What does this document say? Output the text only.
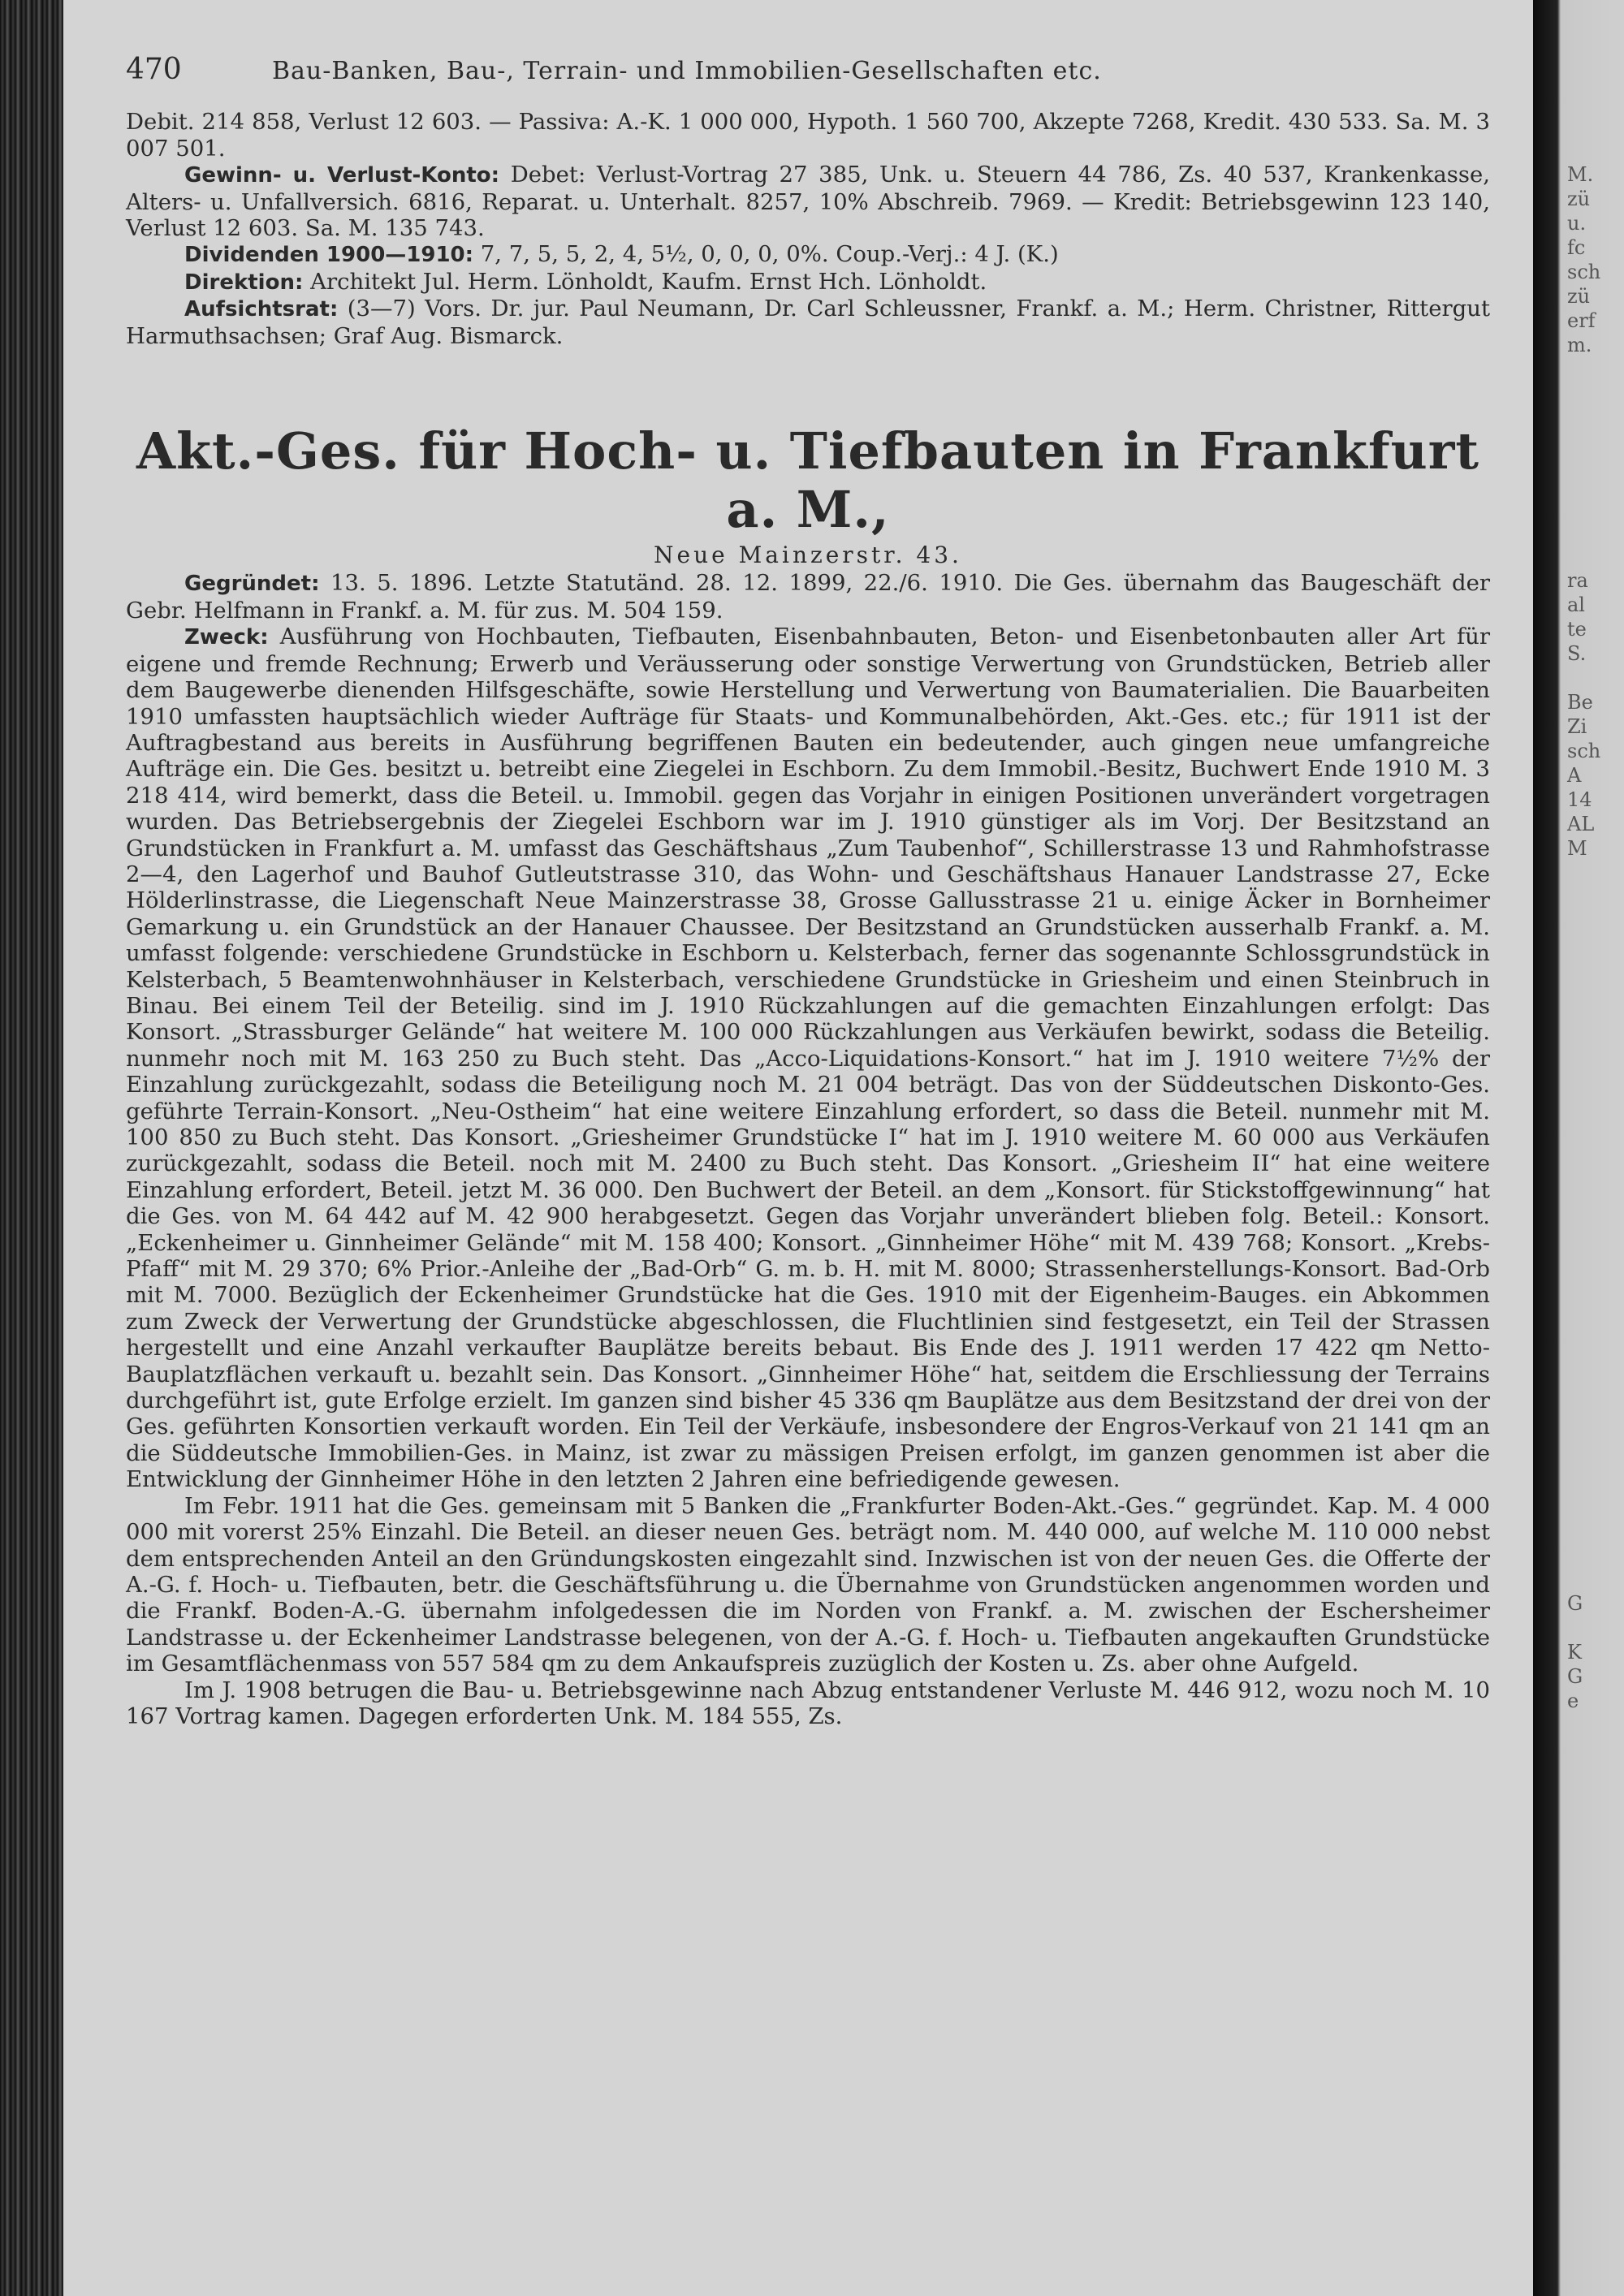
M.
zü
u.
fc
sch
zü
erf
m.
ra
al
te
S.

Be
Zi
sch
A
14
AL
M
G

K
G
e
470	Bau-Banken, Bau-, Terrain- und Immobilien-Gesellschaften etc.

Debit. 214 858, Verlust 12 603. — Passiva: A.-K. 1 000 000, Hypoth. 1 560 700, Akzepte 7268, Kredit. 430 533. Sa. M. 3 007 501.

Gewinn- u. Verlust-Konto: Debet: Verlust-Vortrag 27 385, Unk. u. Steuern 44 786, Zs. 40 537, Krankenkasse, Alters- u. Unfallversich. 6816, Reparat. u. Unterhalt. 8257, 10% Abschreib. 7969. — Kredit: Betriebsgewinn 123 140, Verlust 12 603. Sa. M. 135 743.

Dividenden 1900—1910: 7, 7, 5, 5, 2, 4, 5½, 0, 0, 0, 0%. Coup.-Verj.: 4 J. (K.)

Direktion: Architekt Jul. Herm. Lönholdt, Kaufm. Ernst Hch. Lönholdt.

Aufsichtsrat: (3—7) Vors. Dr. jur. Paul Neumann, Dr. Carl Schleussner, Frankf. a. M.; Herm. Christner, Rittergut Harmuthsachsen; Graf Aug. Bismarck.

Akt.-Ges. für Hoch- u. Tiefbauten in Frankfurt a. M.,
Neue Mainzerstr. 43.

Gegründet: 13. 5. 1896. Letzte Statutänd. 28. 12. 1899, 22./6. 1910. Die Ges. übernahm das Baugeschäft der Gebr. Helfmann in Frankf. a. M. für zus. M. 504 159.

Zweck: Ausführung von Hochbauten, Tiefbauten, Eisenbahnbauten, Beton- und Eisenbetonbauten aller Art für eigene und fremde Rechnung; Erwerb und Veräusserung oder sonstige Verwertung von Grundstücken, Betrieb aller dem Baugewerbe dienenden Hilfsgeschäfte, sowie Herstellung und Verwertung von Baumaterialien. Die Bauarbeiten 1910 umfassten hauptsächlich wieder Aufträge für Staats- und Kommunalbehörden, Akt.-Ges. etc.; für 1911 ist der Auftragbestand aus bereits in Ausführung begriffenen Bauten ein bedeutender, auch gingen neue umfangreiche Aufträge ein. Die Ges. besitzt u. betreibt eine Ziegelei in Eschborn. Zu dem Immobil.-Besitz, Buchwert Ende 1910 M. 3 218 414, wird bemerkt, dass die Beteil. u. Immobil. gegen das Vorjahr in einigen Positionen unverändert vorgetragen wurden. Das Betriebsergebnis der Ziegelei Eschborn war im J. 1910 günstiger als im Vorj. Der Besitzstand an Grundstücken in Frankfurt a. M. umfasst das Geschäftshaus „Zum Taubenhof“, Schillerstrasse 13 und Rahmhofstrasse 2—4, den Lagerhof und Bauhof Gutleutstrasse 310, das Wohn- und Geschäftshaus Hanauer Landstrasse 27, Ecke Hölderlinstrasse, die Liegenschaft Neue Mainzerstrasse 38, Grosse Gallusstrasse 21 u. einige Äcker in Bornheimer Gemarkung u. ein Grundstück an der Hanauer Chaussee. Der Besitzstand an Grundstücken ausserhalb Frankf. a. M. umfasst folgende: verschiedene Grundstücke in Eschborn u. Kelsterbach, ferner das sogenannte Schlossgrundstück in Kelsterbach, 5 Beamtenwohnhäuser in Kelsterbach, verschiedene Grundstücke in Griesheim und einen Steinbruch in Binau. Bei einem Teil der Beteilig. sind im J. 1910 Rückzahlungen auf die gemachten Einzahlungen erfolgt: Das Konsort. „Strassburger Gelände“ hat weitere M. 100 000 Rückzahlungen aus Verkäufen bewirkt, sodass die Beteilig. nunmehr noch mit M. 163 250 zu Buch steht. Das „Acco-Liquidations-Konsort.“ hat im J. 1910 weitere 7½% der Einzahlung zurückgezahlt, sodass die Beteiligung noch M. 21 004 beträgt. Das von der Süddeutschen Diskonto-Ges. geführte Terrain-Konsort. „Neu-Ostheim“ hat eine weitere Einzahlung erfordert, so dass die Beteil. nunmehr mit M. 100 850 zu Buch steht. Das Konsort. „Griesheimer Grundstücke I“ hat im J. 1910 weitere M. 60 000 aus Verkäufen zurückgezahlt, sodass die Beteil. noch mit M. 2400 zu Buch steht. Das Konsort. „Griesheim II“ hat eine weitere Einzahlung erfordert, Beteil. jetzt M. 36 000. Den Buchwert der Beteil. an dem „Konsort. für Stickstoffgewinnung“ hat die Ges. von M. 64 442 auf M. 42 900 herabgesetzt. Gegen das Vorjahr unverändert blieben folg. Beteil.: Konsort. „Eckenheimer u. Ginnheimer Gelände“ mit M. 158 400; Konsort. „Ginnheimer Höhe“ mit M. 439 768; Konsort. „Krebs-Pfaff“ mit M. 29 370; 6% Prior.-Anleihe der „Bad-Orb“ G. m. b. H. mit M. 8000; Strassenherstellungs-Konsort. Bad-Orb mit M. 7000. Bezüglich der Eckenheimer Grundstücke hat die Ges. 1910 mit der Eigenheim-Bauges. ein Abkommen zum Zweck der Verwertung der Grundstücke abgeschlossen, die Fluchtlinien sind festgesetzt, ein Teil der Strassen hergestellt und eine Anzahl verkaufter Bauplätze bereits bebaut. Bis Ende des J. 1911 werden 17 422 qm Netto-Bauplatzflächen verkauft u. bezahlt sein. Das Konsort. „Ginnheimer Höhe“ hat, seitdem die Erschliessung der Terrains durchgeführt ist, gute Erfolge erzielt. Im ganzen sind bisher 45 336 qm Bauplätze aus dem Besitzstand der drei von der Ges. geführten Konsortien verkauft worden. Ein Teil der Verkäufe, insbesondere der Engros-Verkauf von 21 141 qm an die Süddeutsche Immobilien-Ges. in Mainz, ist zwar zu mässigen Preisen erfolgt, im ganzen genommen ist aber die Entwicklung der Ginnheimer Höhe in den letzten 2 Jahren eine befriedigende gewesen.

Im Febr. 1911 hat die Ges. gemeinsam mit 5 Banken die „Frankfurter Boden-Akt.-Ges.“ gegründet. Kap. M. 4 000 000 mit vorerst 25% Einzahl. Die Beteil. an dieser neuen Ges. beträgt nom. M. 440 000, auf welche M. 110 000 nebst dem entsprechenden Anteil an den Gründungskosten eingezahlt sind. Inzwischen ist von der neuen Ges. die Offerte der A.-G. f. Hoch- u. Tiefbauten, betr. die Geschäftsführung u. die Übernahme von Grundstücken angenommen worden und die Frankf. Boden-A.-G. übernahm infolgedessen die im Norden von Frankf. a. M. zwischen der Eschersheimer Landstrasse u. der Eckenheimer Landstrasse belegenen, von der A.-G. f. Hoch- u. Tiefbauten angekauften Grundstücke im Gesamtflächenmass von 557 584 qm zu dem Ankaufspreis zuzüglich der Kosten u. Zs. aber ohne Aufgeld.

Im J. 1908 betrugen die Bau- u. Betriebsgewinne nach Abzug entstandener Verluste M. 446 912, wozu noch M. 10 167 Vortrag kamen. Dagegen erforderten Unk. M. 184 555, Zs.
